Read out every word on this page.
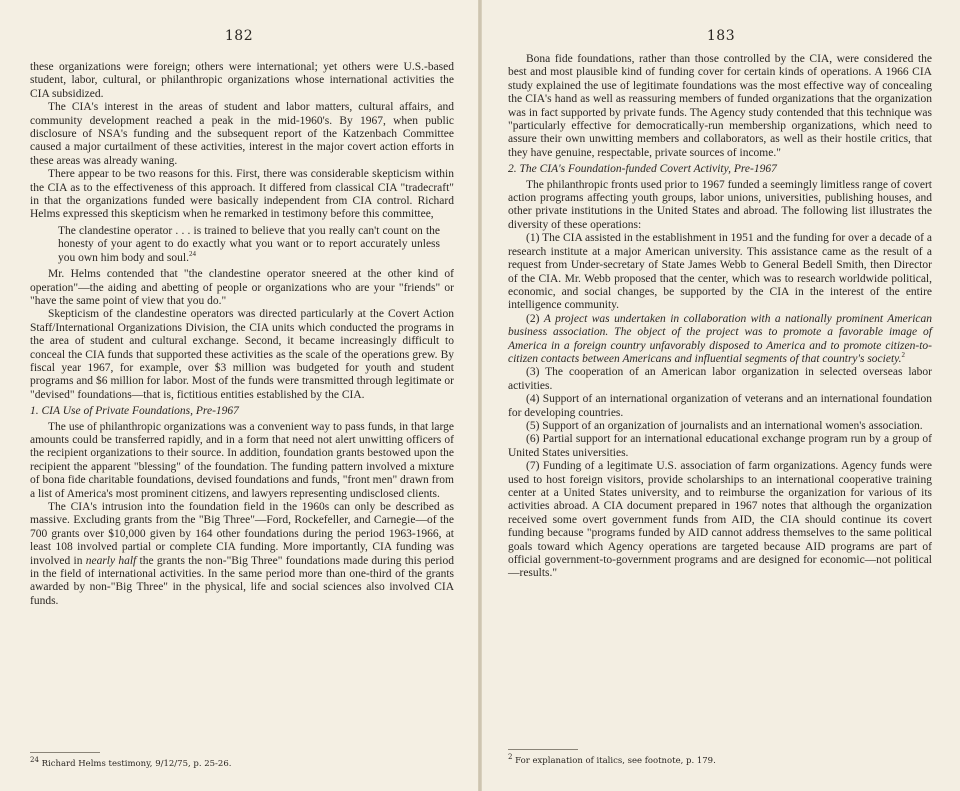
182

these organizations were foreign; others were international; yet others were U.S.-based student, labor, cultural, or philanthropic organizations whose international activities the CIA subsidized.

The CIA's interest in the areas of student and labor matters, cultural affairs, and community development reached a peak in the mid-1960's. By 1967, when public disclosure of NSA's funding and the subsequent report of the Katzenbach Committee caused a major curtailment of these activities, interest in the major covert action efforts in these areas was already waning.

There appear to be two reasons for this. First, there was considerable skepticism within the CIA as to the effectiveness of this approach. It differed from classical CIA "tradecraft" in that the organizations funded were basically independent from CIA control. Richard Helms expressed this skepticism when he remarked in testimony before this committee,

The clandestine operator . . . is trained to believe that you really can't count on the honesty of your agent to do exactly what you want or to report accurately unless you own him body and soul.$^{24}$

Mr. Helms contended that "the clandestine operator sneered at the other kind of operation"—the aiding and abetting of people or organizations who are your "friends" or "have the same point of view that you do."

Skepticism of the clandestine operators was directed particularly at the Covert Action Staff/International Organizations Division, the CIA units which conducted the programs in the area of student and cultural exchange. Second, it became increasingly difficult to conceal the CIA funds that supported these activities as the scale of the operations grew. By fiscal year 1967, for example, over $3 million was budgeted for youth and student programs and $6 million for labor. Most of the funds were transmitted through legitimate or "devised" foundations—that is, fictitious entities established by the CIA.

1. CIA Use of Private Foundations, Pre-1967

The use of philanthropic organizations was a convenient way to pass funds, in that large amounts could be transferred rapidly, and in a form that need not alert unwitting officers of the recipient organizations to their source. In addition, foundation grants bestowed upon the recipient the apparent "blessing" of the foundation. The funding pattern involved a mixture of bona fide charitable foundations, devised foundations and funds, "front men" drawn from a list of America's most prominent citizens, and lawyers representing undisclosed clients.

The CIA's intrusion into the foundation field in the 1960s can only be described as massive. Excluding grants from the "Big Three"—Ford, Rockefeller, and Carnegie—of the 700 grants over $10,000 given by 164 other foundations during the period 1963-1966, at least 108 involved partial or complete CIA funding. More importantly, CIA funding was involved in nearly half the grants the non-"Big Three" foundations made during this period in the field of international activities. In the same period more than one-third of the grants awarded by non-"Big Three" in the physical, life and social sciences also involved CIA funds.

$^{24}$ Richard Helms testimony, 9/12/75, p. 25-26.
183

Bona fide foundations, rather than those controlled by the CIA, were considered the best and most plausible kind of funding cover for certain kinds of operations. A 1966 CIA study explained the use of legitimate foundations was the most effective way of concealing the CIA's hand as well as reassuring members of funded organizations that the organization was in fact supported by private funds. The Agency study contended that this technique was "particularly effective for democratically-run membership organizations, which need to assure their own unwitting members and collaborators, as well as their hostile critics, that they have genuine, respectable, private sources of income."

2. The CIA's Foundation-funded Covert Activity, Pre-1967

The philanthropic fronts used prior to 1967 funded a seemingly limitless range of covert action programs affecting youth groups, labor unions, universities, publishing houses, and other private institutions in the United States and abroad. The following list illustrates the diversity of these operations:

(1) The CIA assisted in the establishment in 1951 and the funding for over a decade of a research institute at a major American university. This assistance came as the result of a request from Under-secretary of State James Webb to General Bedell Smith, then Director of the CIA. Mr. Webb proposed that the center, which was to research worldwide political, economic, and social changes, be supported by the CIA in the interest of the entire intelligence community.

(2) A project was undertaken in collaboration with a nationally prominent American business association. The object of the project was to promote a favorable image of America in a foreign country unfavorably disposed to America and to promote citizen-to-citizen contacts between Americans and influential segments of that country's society.$^2$

(3) The cooperation of an American labor organization in selected overseas labor activities.

(4) Support of an international organization of veterans and an international foundation for developing countries.

(5) Support of an organization of journalists and an international women's association.

(6) Partial support for an international educational exchange program run by a group of United States universities.

(7) Funding of a legitimate U.S. association of farm organizations. Agency funds were used to host foreign visitors, provide scholarships to an international cooperative training center at a United States university, and to reimburse the organization for various of its activities abroad. A CIA document prepared in 1967 notes that although the organization received some overt government funds from AID, the CIA should continue its covert funding because "programs funded by AID cannot address themselves to the same political goals toward which Agency operations are targeted because AID programs are part of official government-to-government programs and are designed for economic—not political—results."

$^2$ For explanation of italics, see footnote, p. 179.
